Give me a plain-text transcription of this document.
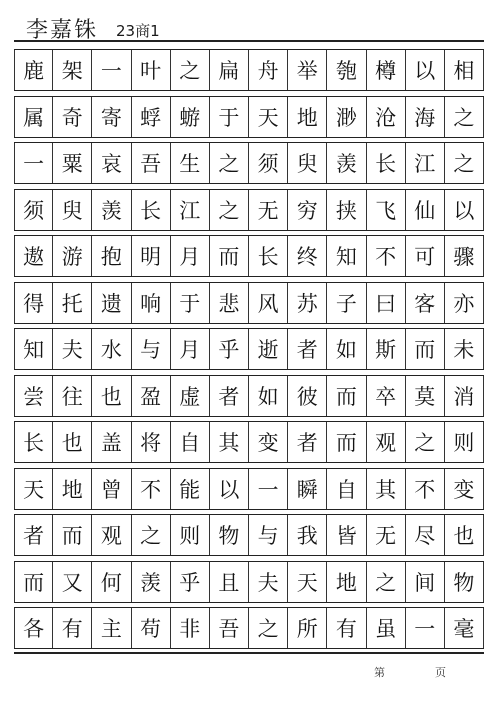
李嘉铢 23商1
鹿 架 一 叶 之 扁 舟 举 匏 樽 以 相
属 奇 寄 蜉 蝣 于 天 地 渺 沧 海 之
一 粟 哀 吾 生 之 须 臾 羡 长 江 之
须 臾 羡 长 江 之 无 穷 挟 飞 仙 以
遨 游 抱 明 月 而 长 终 知 不 可 骤
得 托 遗 响 于 悲 风 苏 子 曰 客 亦
知 夫 水 与 月 乎 逝 者 如 斯 而 未
尝 往 也 盈 虚 者 如 彼 而 卒 莫 消
长 也 盖 将 自 其 变 者 而 观 之 则
天 地 曾 不 能 以 一 瞬 自 其 不 变
者 而 观 之 则 物 与 我 皆 无 尽 也
而 又 何 羡 乎 且 夫 天 地 之 间 物
各 有 主 苟 非 吾 之 所 有 虽 一 毫
第	页
